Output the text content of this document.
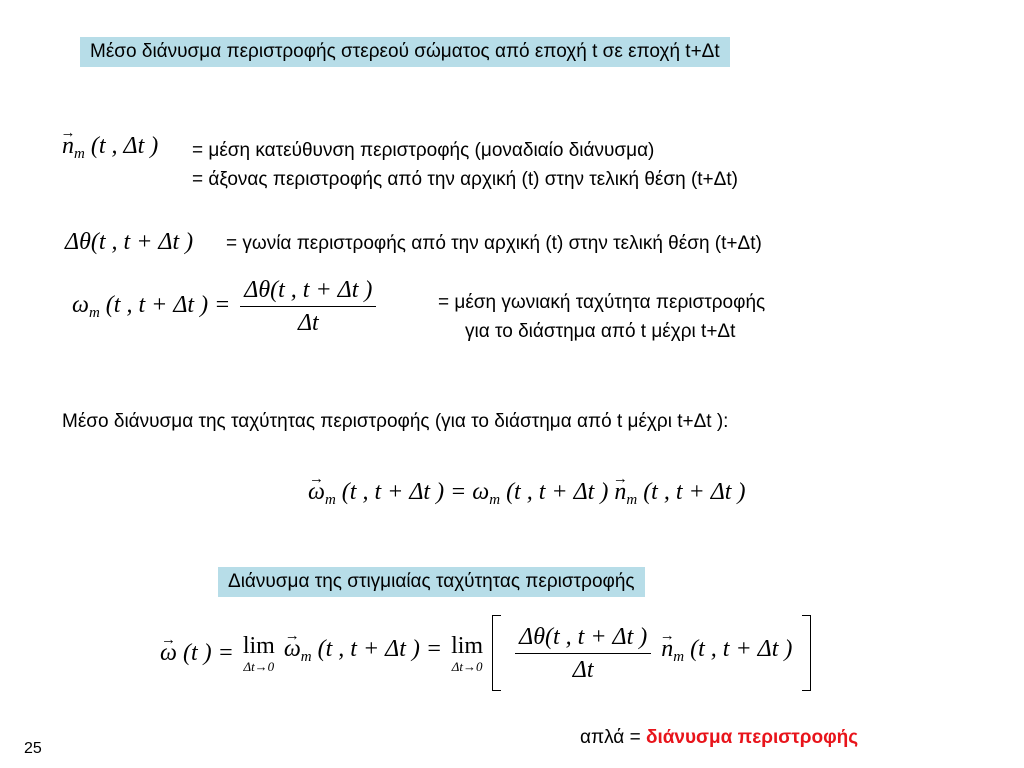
Μέσο διάνυσμα περιστροφής στερεού σώματος από εποχή t σε εποχή t+Δt
→ $n_m$ (t , Δt ) = μέση κατεύθυνση περιστροφής (μοναδιαίο διάνυσμα)
= άξονας περιστροφής από την αρχική (t) στην τελική θέση (t+Δt)
Δθ(t , t + Δt ) = γωνία περιστροφής από την αρχική (t) στην τελική θέση (t+Δt)
$\omega_m$ (t , t + Δt ) = $\frac{\Delta\theta(t , t + \Delta t )}{\Delta t}$	= μέση γωνιακή ταχύτητα περιστροφής
για το διάστημα από t μέχρι t+Δt
Μέσο διάνυσμα της ταχύτητας περιστροφής (για το διάστημα από t μέχρι t+Δt ):
→ $\omega_m$ (t , t + Δt ) = $\omega_m$ (t , t + Δt ) → $n_m$ (t , t + Δt )
Διάνυσμα της στιγμιαίας ταχύτητας περιστροφής
→ ω (t ) = lim
Δt→0
→ $\omega_m$ (t , t + Δt ) = lim
Δt→0
$\frac{\Delta\theta(t , t + \Delta t )}{\Delta t}$
→ $n_m$ (t , t + Δt )
απλά = διάνυσμα περιστροφής
25
